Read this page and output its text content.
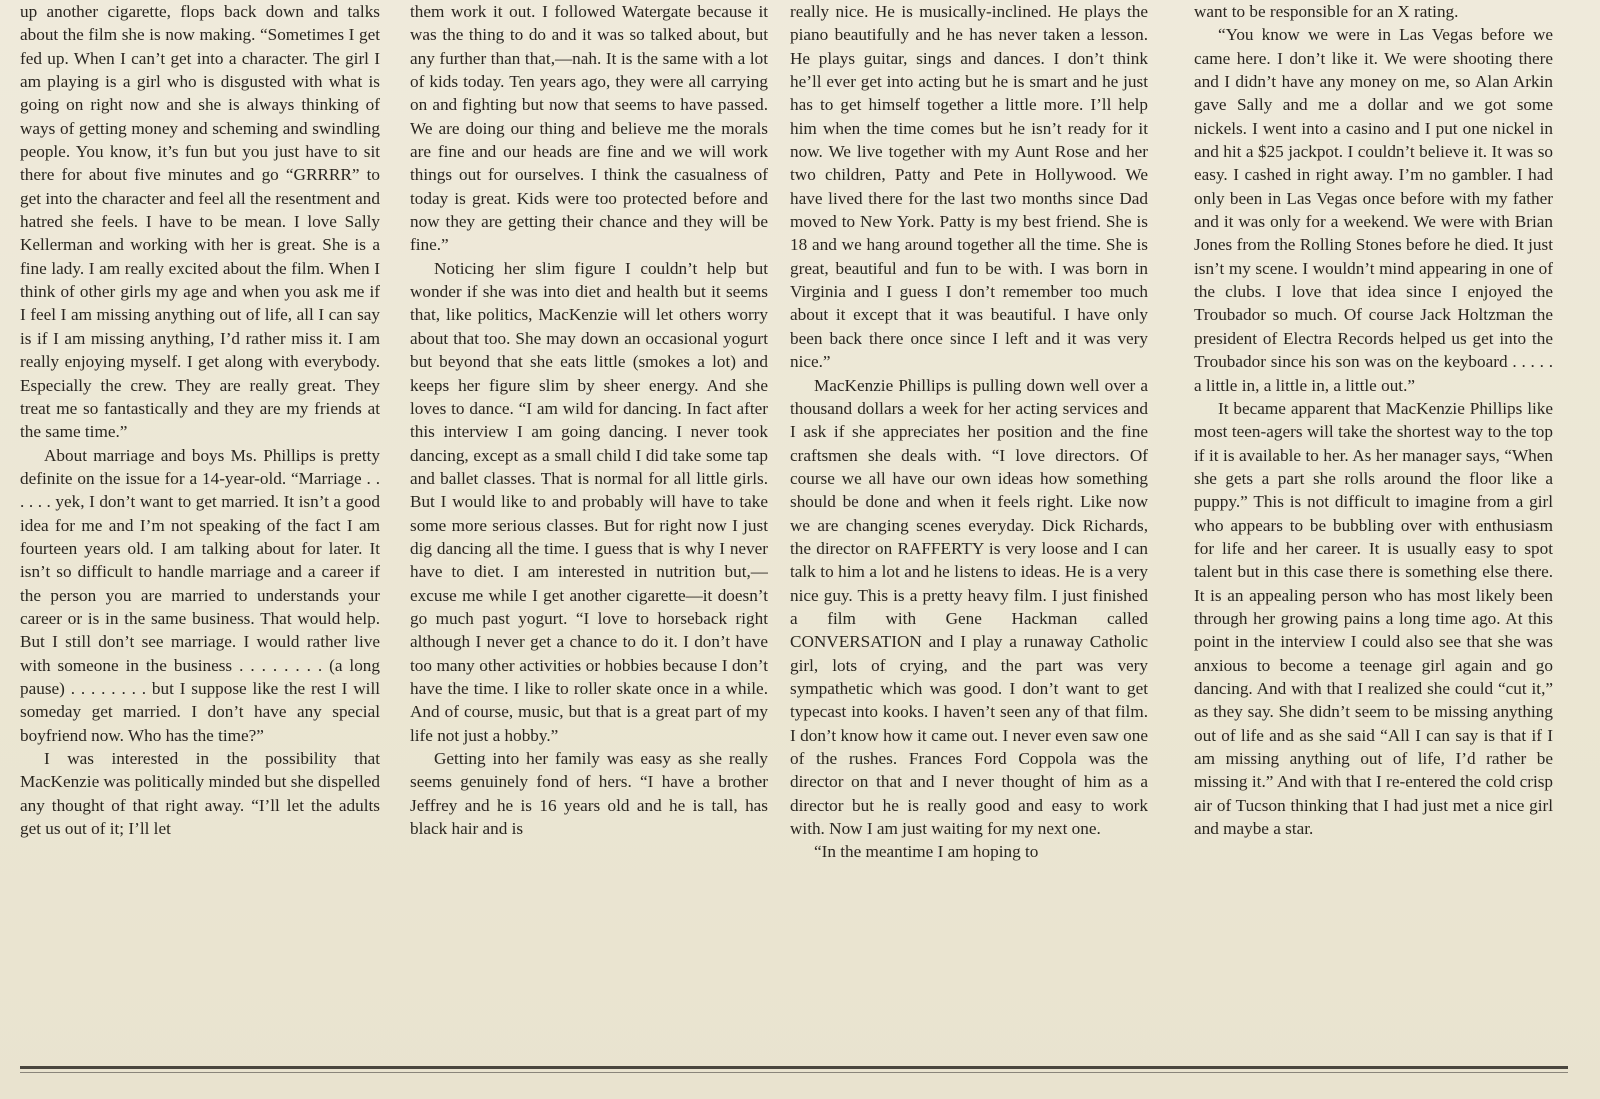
up another cigarette, flops back down and talks about the film she is now making. “Sometimes I get fed up. When I can’t get into a character. The girl I am playing is a girl who is disgusted with what is going on right now and she is always thinking of ways of getting money and scheming and swindling people. You know, it’s fun but you just have to sit there for about five minutes and go “GRRRR” to get into the character and feel all the resentment and hatred she feels. I have to be mean. I love Sally Kellerman and working with her is great. She is a fine lady. I am really excited about the film. When I think of other girls my age and when you ask me if I feel I am missing anything out of life, all I can say is if I am missing anything, I’d rather miss it. I am really enjoying myself. I get along with everybody. Especially the crew. They are really great. They treat me so fantastically and they are my friends at the same time.”

About marriage and boys Ms. Phillips is pretty definite on the issue for a 14-year-old. “Marriage . . . . . . yek, I don’t want to get married. It isn’t a good idea for me and I’m not speaking of the fact I am fourteen years old. I am talking about for later. It isn’t so difficult to handle marriage and a career if the person you are married to understands your career or is in the same business. That would help. But I still don’t see marriage. I would rather live with someone in the business . . . . . . . . (a long pause) . . . . . . . . but I suppose like the rest I will someday get married. I don’t have any special boyfriend now. Who has the time?”

I was interested in the possibility that MacKenzie was politically minded but she dispelled any thought of that right away. “I’ll let the adults get us out of it; I’ll let

them work it out. I followed Watergate because it was the thing to do and it was so talked about, but any further than that,—nah. It is the same with a lot of kids today. Ten years ago, they were all carrying on and fighting but now that seems to have passed. We are doing our thing and believe me the morals are fine and our heads are fine and we will work things out for ourselves. I think the casualness of today is great. Kids were too protected before and now they are getting their chance and they will be fine.”

Noticing her slim figure I couldn’t help but wonder if she was into diet and health but it seems that, like politics, MacKenzie will let others worry about that too. She may down an occasional yogurt but beyond that she eats little (smokes a lot) and keeps her figure slim by sheer energy. And she loves to dance. “I am wild for dancing. In fact after this interview I am going dancing. I never took dancing, except as a small child I did take some tap and ballet classes. That is normal for all little girls. But I would like to and probably will have to take some more serious classes. But for right now I just dig dancing all the time. I guess that is why I never have to diet. I am interested in nutrition but,—excuse me while I get another cigarette—it doesn’t go much past yogurt. “I love to horseback right although I never get a chance to do it. I don’t have too many other activities or hobbies because I don’t have the time. I like to roller skate once in a while. And of course, music, but that is a great part of my life not just a hobby.”

Getting into her family was easy as she really seems genuinely fond of hers. “I have a brother Jeffrey and he is 16 years old and he is tall, has black hair and is

really nice. He is musically-inclined. He plays the piano beautifully and he has never taken a lesson. He plays guitar, sings and dances. I don’t think he’ll ever get into acting but he is smart and he just has to get himself together a little more. I’ll help him when the time comes but he isn’t ready for it now. We live together with my Aunt Rose and her two children, Patty and Pete in Hollywood. We have lived there for the last two months since Dad moved to New York. Patty is my best friend. She is 18 and we hang around together all the time. She is great, beautiful and fun to be with. I was born in Virginia and I guess I don’t remember too much about it except that it was beautiful. I have only been back there once since I left and it was very nice.”

MacKenzie Phillips is pulling down well over a thousand dollars a week for her acting services and I ask if she appreciates her position and the fine craftsmen she deals with. “I love directors. Of course we all have our own ideas how something should be done and when it feels right. Like now we are changing scenes everyday. Dick Richards, the director on RAFFERTY is very loose and I can talk to him a lot and he listens to ideas. He is a very nice guy. This is a pretty heavy film. I just finished a film with Gene Hackman called CONVERSATION and I play a runaway Catholic girl, lots of crying, and the part was very sympathetic which was good. I don’t want to get typecast into kooks. I haven’t seen any of that film. I don’t know how it came out. I never even saw one of the rushes. Frances Ford Coppola was the director on that and I never thought of him as a director but he is really good and easy to work with. Now I am just waiting for my next one.

“In the meantime I am hoping to

want to be responsible for an X rating.

“You know we were in Las Vegas before we came here. I don’t like it. We were shooting there and I didn’t have any money on me, so Alan Arkin gave Sally and me a dollar and we got some nickels. I went into a casino and I put one nickel in and hit a $25 jackpot. I couldn’t believe it. It was so easy. I cashed in right away. I’m no gambler. I had only been in Las Vegas once before with my father and it was only for a weekend. We were with Brian Jones from the Rolling Stones before he died. It just isn’t my scene. I wouldn’t mind appearing in one of the clubs. I love that idea since I enjoyed the Troubador so much. Of course Jack Holtzman the president of Electra Records helped us get into the Troubador since his son was on the keyboard . . . . . a little in, a little in, a little out.”

It became apparent that MacKenzie Phillips like most teen-agers will take the shortest way to the top if it is available to her. As her manager says, “When she gets a part she rolls around the floor like a puppy.” This is not difficult to imagine from a girl who appears to be bubbling over with enthusiasm for life and her career. It is usually easy to spot talent but in this case there is something else there. It is an appealing person who has most likely been through her growing pains a long time ago. At this point in the interview I could also see that she was anxious to become a teenage girl again and go dancing. And with that I realized she could “cut it,” as they say. She didn’t seem to be missing anything out of life and as she said “All I can say is that if I am missing anything out of life, I’d rather be missing it.” And with that I re-entered the cold crisp air of Tucson thinking that I had just met a nice girl and maybe a star.
